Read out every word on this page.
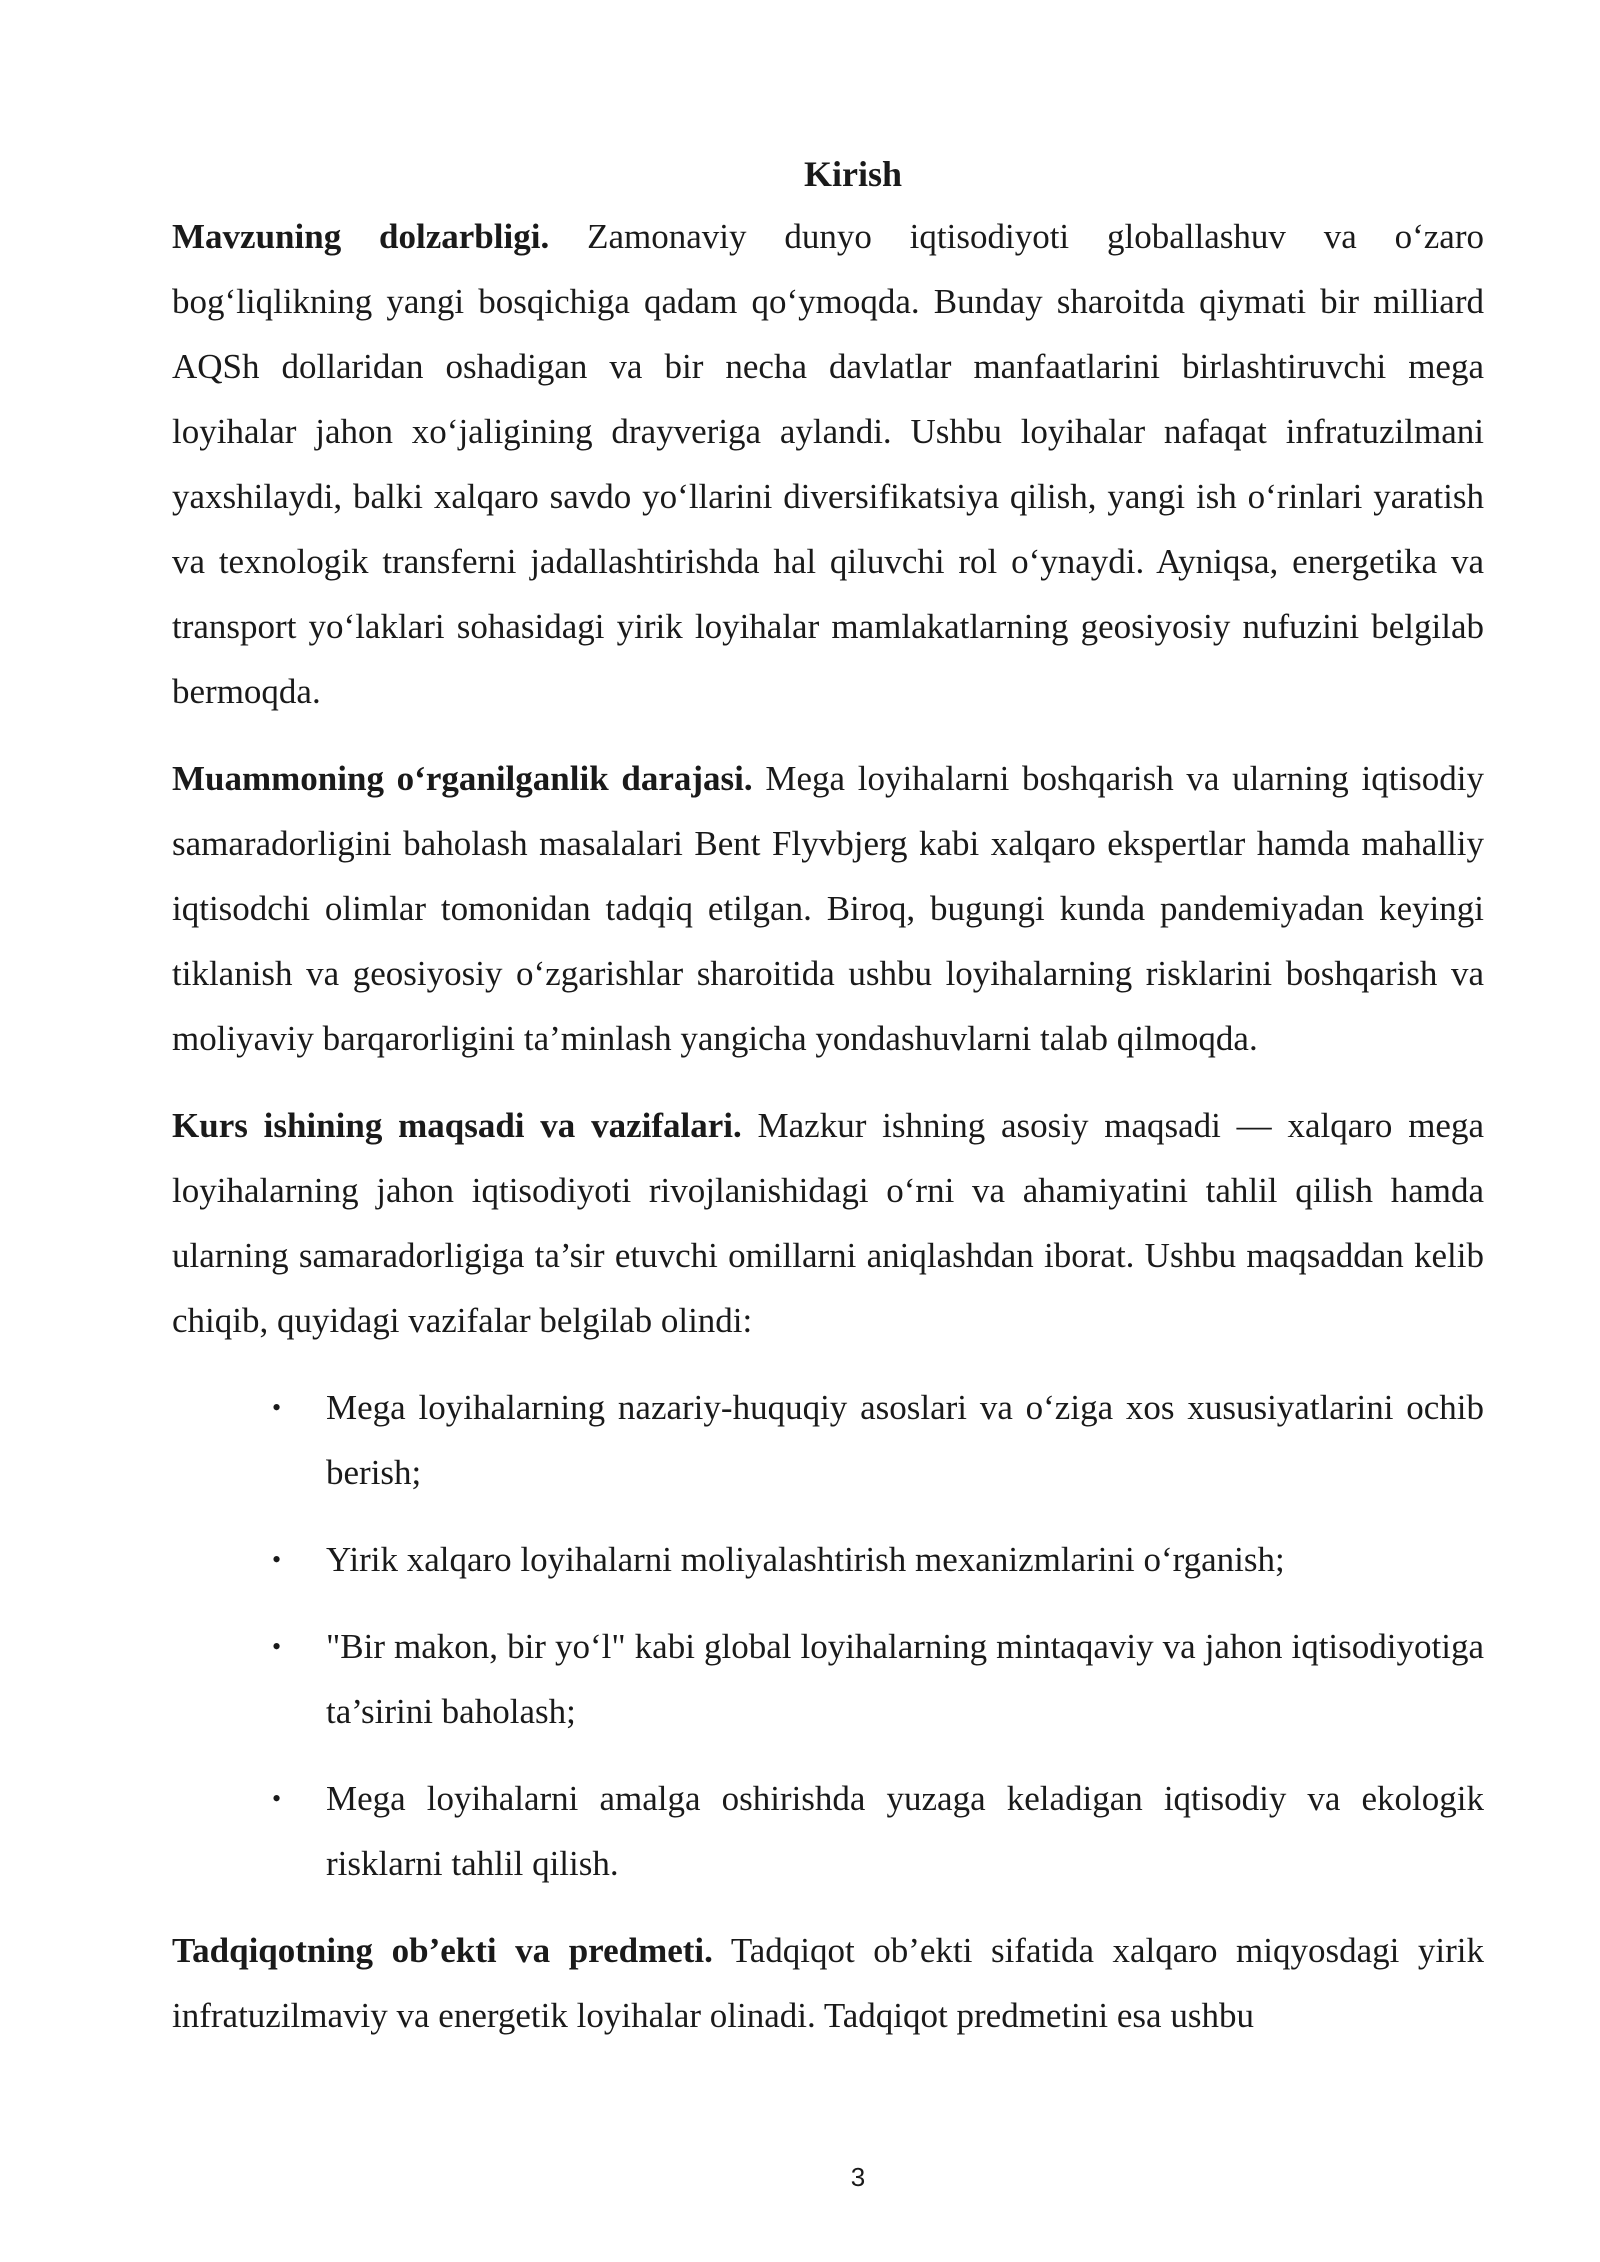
Kirish

Mavzuning dolzarbligi. Zamonaviy dunyo iqtisodiyoti globallashuv va o‘zaro bog‘liqlikning yangi bosqichiga qadam qo‘ymoqda. Bunday sharoitda qiymati bir milliard AQSh dollaridan oshadigan va bir necha davlatlar manfaatlarini birlashtiruvchi mega loyihalar jahon xo‘jaligining drayveriga aylandi. Ushbu loyihalar nafaqat infratuzilmani yaxshilaydi, balki xalqaro savdo yo‘llarini diversifikatsiya qilish, yangi ish o‘rinlari yaratish va texnologik transferni jadallashtirishda hal qiluvchi rol o‘ynaydi. Ayniqsa, energetika va transport yo‘laklari sohasidagi yirik loyihalar mamlakatlarning geosiyosiy nufuzini belgilab bermoqda.

Muammoning o‘rganilganlik darajasi. Mega loyihalarni boshqarish va ularning iqtisodiy samaradorligini baholash masalalari Bent Flyvbjerg kabi xalqaro ekspertlar hamda mahalliy iqtisodchi olimlar tomonidan tadqiq etilgan. Biroq, bugungi kunda pandemiyadan keyingi tiklanish va geosiyosiy o‘zgarishlar sharoitida ushbu loyihalarning risklarini boshqarish va moliyaviy barqarorligini ta’minlash yangicha yondashuvlarni talab qilmoqda.

Kurs ishining maqsadi va vazifalari. Mazkur ishning asosiy maqsadi — xalqaro mega loyihalarning jahon iqtisodiyoti rivojlanishidagi o‘rni va ahamiyatini tahlil qilish hamda ularning samaradorligiga ta’sir etuvchi omillarni aniqlashdan iborat. Ushbu maqsaddan kelib chiqib, quyidagi vazifalar belgilab olindi:

• Mega loyihalarning nazariy-huquqiy asoslari va o‘ziga xos xususiyatlarini ochib berish;
• Yirik xalqaro loyihalarni moliyalashtirish mexanizmlarini o‘rganish;
• "Bir makon, bir yo‘l" kabi global loyihalarning mintaqaviy va jahon iqtisodiyotiga ta’sirini baholash;
• Mega loyihalarni amalga oshirishda yuzaga keladigan iqtisodiy va ekologik risklarni tahlil qilish.

Tadqiqotning ob’ekti va predmeti. Tadqiqot ob’ekti sifatida xalqaro miqyosdagi yirik infratuzilmaviy va energetik loyihalar olinadi. Tadqiqot predmetini esa ushbu

3
